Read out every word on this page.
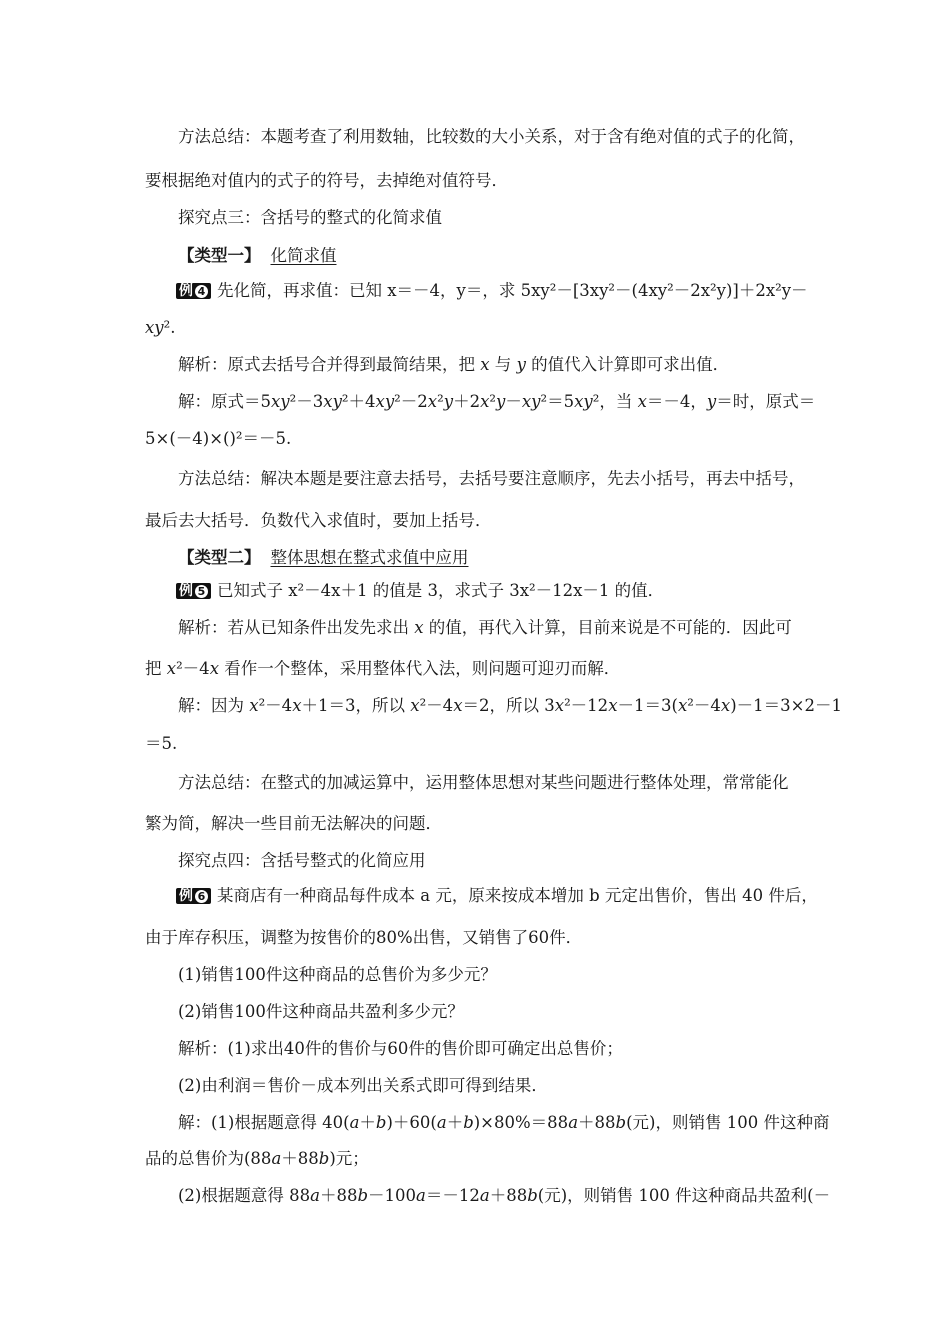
【类型一】 化简求值
例 4 先化简，再求值：已知 x＝－4，y＝，求 5xy²－[3xy²－(4xy²－2x²y)]＋2x²y－
【类型二】 整体思想在整式求值中应用
例 5 已知式子 x²－4x＋1 的值是 3，求式子 3x²－12x－1 的值．
例 6 某商店有一种商品每件成本 a 元，原来按成本增加 b 元定出售价，售出 40 件后，
方法总结：本题考查了利用数轴，比较数的大小关系，对于含有绝对值的式子的化简，
要根据绝对值内的式子的符号，去掉绝对值符号．
探究点三：含括号的整式的化简求值
xy².
解析：原式去括号合并得到最简结果，把 x 与 y 的值代入计算即可求出值．
解：原式＝5xy²－3xy²＋4xy²－2x²y＋2x²y－xy²＝5xy²，当 x＝－4，y＝时，原式＝
5×(－4)×()²＝－5.
方法总结：解决本题是要注意去括号，去括号要注意顺序，先去小括号，再去中括号，
最后去大括号．负数代入求值时，要加上括号．
解析：若从已知条件出发先求出 x 的值，再代入计算，目前来说是不可能的．因此可
把 x²－4x 看作一个整体，采用整体代入法，则问题可迎刃而解．
解：因为 x²－4x＋1＝3，所以 x²－4x＝2，所以 3x²－12x－1＝3(x²－4x)－1＝3×2－1
＝5.
方法总结：在整式的加减运算中，运用整体思想对某些问题进行整体处理，常常能化
繁为简，解决一些目前无法解决的问题．
探究点四：含括号整式的化简应用
由于库存积压，调整为按售价的80%出售，又销售了60件．
(1)销售100件这种商品的总售价为多少元？
(2)销售100件这种商品共盈利多少元？
解析：(1)求出40件的售价与60件的售价即可确定出总售价；
(2)由利润＝售价－成本列出关系式即可得到结果．
解：(1)根据题意得 40(a＋b)＋60(a＋b)×80%＝88a＋88b(元)，则销售 100 件这种商
品的总售价为(88a＋88b)元；
(2)根据题意得 88a＋88b－100a＝－12a＋88b(元)，则销售 100 件这种商品共盈利(－
